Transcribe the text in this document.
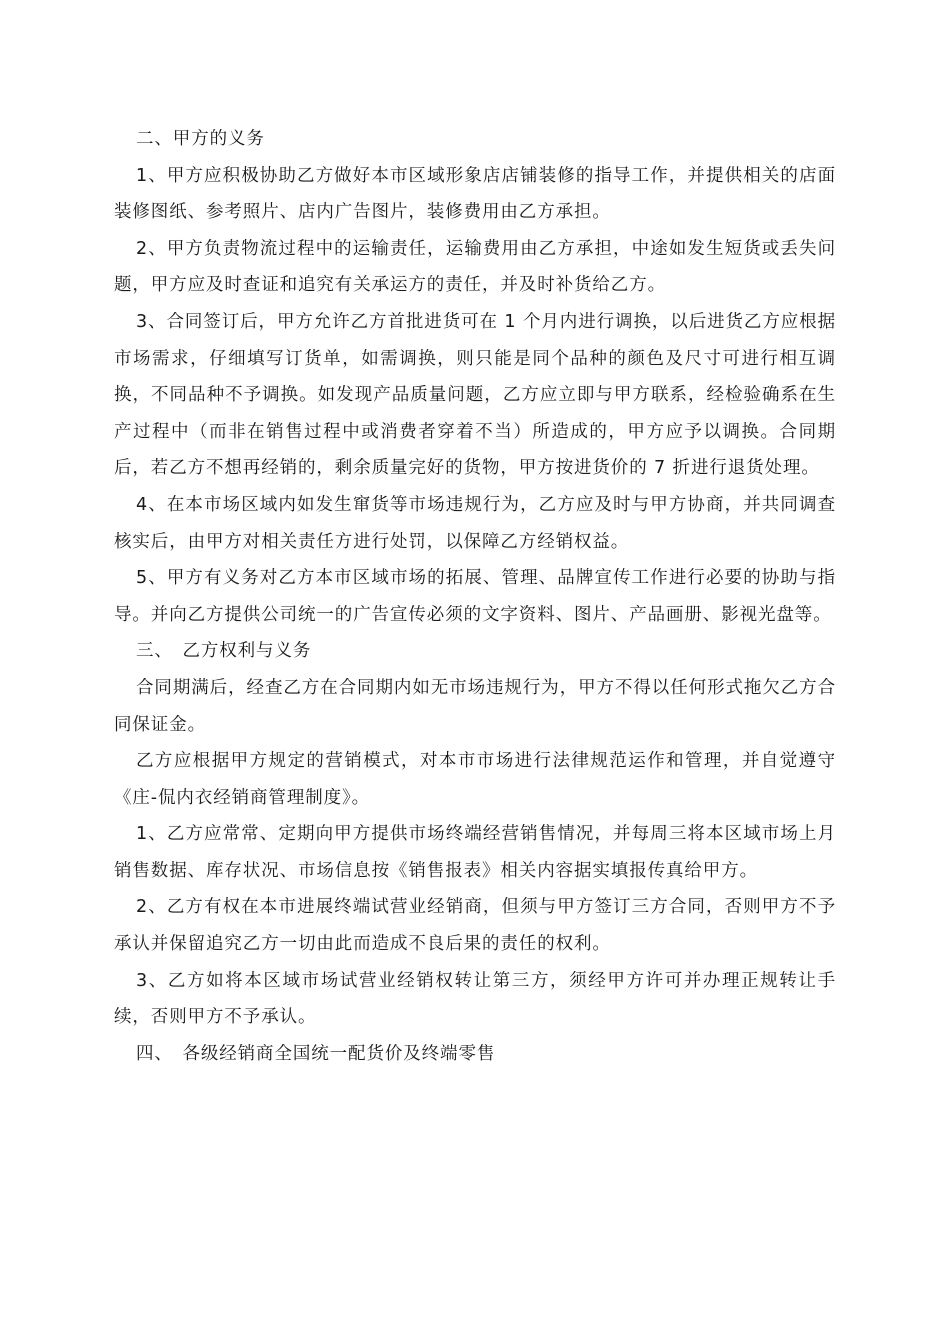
二、甲方的义务

1、甲方应积极协助乙方做好本市区域形象店店铺装修的指导工作，并提供相关的店面装修图纸、参考照片、店内广告图片，装修费用由乙方承担。

2、甲方负责物流过程中的运输责任，运输费用由乙方承担，中途如发生短货或丢失问题，甲方应及时查证和追究有关承运方的责任，并及时补货给乙方。

3、合同签订后，甲方允许乙方首批进货可在 1 个月内进行调换，以后进货乙方应根据市场需求，仔细填写订货单，如需调换，则只能是同个品种的颜色及尺寸可进行相互调换，不同品种不予调换。如发现产品质量问题，乙方应立即与甲方联系，经检验确系在生产过程中（而非在销售过程中或消费者穿着不当）所造成的，甲方应予以调换。合同期后，若乙方不想再经销的，剩余质量完好的货物，甲方按进货价的 7 折进行退货处理。

4、在本市场区域内如发生窜货等市场违规行为，乙方应及时与甲方协商，并共同调查核实后，由甲方对相关责任方进行处罚，以保障乙方经销权益。

5、甲方有义务对乙方本市区域市场的拓展、管理、品牌宣传工作进行必要的协助与指导。并向乙方提供公司统一的广告宣传必须的文字资料、图片、产品画册、影视光盘等。

三、　乙方权利与义务

合同期满后，经查乙方在合同期内如无市场违规行为，甲方不得以任何形式拖欠乙方合同保证金。

乙方应根据甲方规定的营销模式，对本市市场进行法律规范运作和管理，并自觉遵守《庄-侃内衣经销商管理制度》。

1、乙方应常常、定期向甲方提供市场终端经营销售情况，并每周三将本区域市场上月销售数据、库存状况、市场信息按《销售报表》相关内容据实填报传真给甲方。

2、乙方有权在本市进展终端试营业经销商，但须与甲方签订三方合同，否则甲方不予承认并保留追究乙方一切由此而造成不良后果的责任的权利。

3、乙方如将本区域市场试营业经销权转让第三方，须经甲方许可并办理正规转让手续，否则甲方不予承认。

四、　各级经销商全国统一配货价及终端零售
